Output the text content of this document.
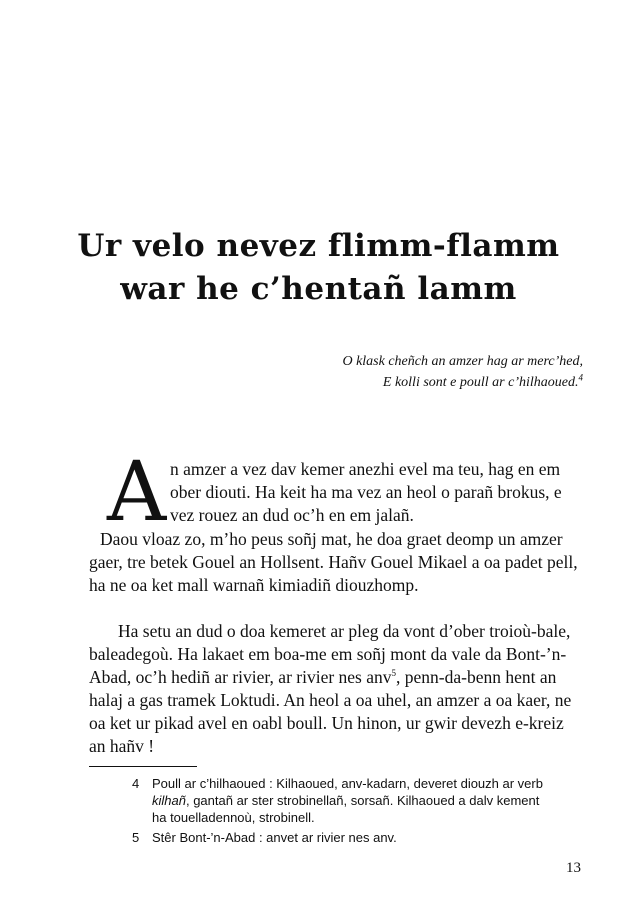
Ur velo nevez flimm-flamm
war he c’hentañ lamm
O klask cheñch an amzer hag ar merc’hed,
E kolli sont e poull ar c’hilhaoued.$^4$
A n amzer a vez dav kemer anezhi evel ma teu, hag en em
ober diouti. Ha keit ha ma vez an heol o parañ brokus, e
vez rouez an dud oc’h en em jalañ.
Daou vloaz zo, m’ho peus soñj mat, he doa graet deomp un amzer
gaer, tre betek Gouel an Hollsent. Hañv Gouel Mikael a oa padet pell,
ha ne oa ket mall warnañ kimiadiñ diouzhomp.
Ha setu an dud o doa kemeret ar pleg da vont d’ober troioù-bale,
baleadegoù. Ha lakaet em boa-me em soñj mont da vale da Bont-’n-
Abad, oc’h hediñ ar rivier, ar rivier nes anv$^5$, penn-da-benn hent an
halaj a gas tramek Loktudi. An heol a oa uhel, an amzer a oa kaer, ne
oa ket ur pikad avel en oabl boull. Un hinon, ur gwir devezh e-kreiz
an hañv !
4 Poull ar c’hilhaoued : Kilhaoued, anv-kadarn, deveret diouzh ar verb
kilhañ, gantañ ar ster strobinellañ, sorsañ. Kilhaoued a dalv kement
ha touelladennoù, strobinell.
5 Stêr Bont-’n-Abad : anvet ar rivier nes anv.
13
